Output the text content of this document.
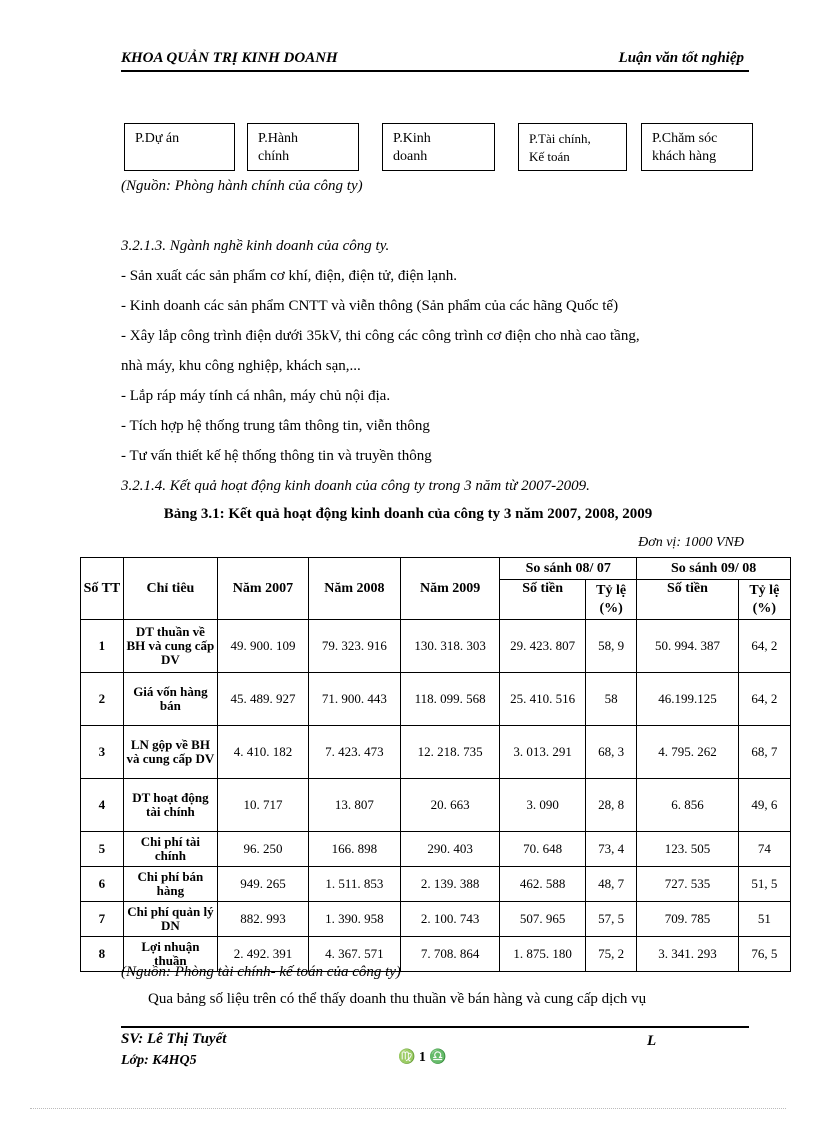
KHOA QUẢN TRỊ KINH DOANH	Luận văn tốt nghiệp
P.Dự án	P.Hành
chính
P.Kinh
doanh
P.Tài chính,
Kế toán
P.Chăm sóc
khách hàng
(Nguồn: Phòng hành chính của công ty)
3.2.1.3. Ngành nghề kinh doanh của công ty.
- Sản xuất các sản phẩm cơ khí, điện, điện tử, điện lạnh.
- Kinh doanh các sản phẩm CNTT và viễn thông (Sản phẩm của các hãng Quốc tế)
- Xây lắp công trình điện dưới 35kV, thi công các công trình cơ điện cho nhà cao tầng,
nhà máy, khu công nghiệp, khách sạn,...
- Lắp ráp máy tính cá nhân, máy chủ nội địa.
- Tích hợp hệ thống trung tâm thông tin, viễn thông
- Tư vấn thiết kế hệ thống thông tin và truyền thông
3.2.1.4. Kết quả hoạt động kinh doanh của công ty trong 3 năm từ 2007-2009.
Bảng 3.1: Kết quả hoạt động kinh doanh của công ty 3 năm 2007, 2008, 2009
Đơn vị: 1000 VNĐ
Số TT	Chỉ tiêu	Năm 2007	Năm 2008	Năm 2009	So sánh 08/ 07		So sánh 09/ 08	
					Số tiền	Tỷ lệ (%)	Số tiền	Tỷ lệ (%)
1	DT thuần về BH và cung cấp DV	49. 900. 109	79. 323. 916	130. 318. 303	29. 423. 807	58, 9	50. 994. 387	64, 2
2	Giá vốn hàng bán	45. 489. 927	71. 900. 443	118. 099. 568	25. 410. 516	58	46.199.125	64, 2
3	LN gộp về BH và cung cấp DV	4. 410. 182	7. 423. 473	12. 218. 735	3. 013. 291	68, 3	4. 795. 262	68, 7
4	DT hoạt động tài chính	10. 717	13. 807	20. 663	3. 090	28, 8	6. 856	49, 6
5	Chi phí tài chính	96. 250	166. 898	290. 403	70. 648	73, 4	123. 505	74
6	Chi phí bán hàng	949. 265	1. 511. 853	2. 139. 388	462. 588	48, 7	727. 535	51, 5
7	Chi phí quản lý DN	882. 993	1. 390. 958	2. 100. 743	507. 965	57, 5	709. 785	51
8	Lợi nhuận thuần	2. 492. 391	4. 367. 571	7. 708. 864	1. 875. 180	75, 2	3. 341. 293	76, 5
(Nguồn: Phòng tài chính- kế toán của công ty)
Qua bảng số liệu trên có thể thấy doanh thu thuần về bán hàng và cung cấp dịch vụ
SV: Lê Thị Tuyết
Lớp: K4HQ5
L
♍ 1 ♎
